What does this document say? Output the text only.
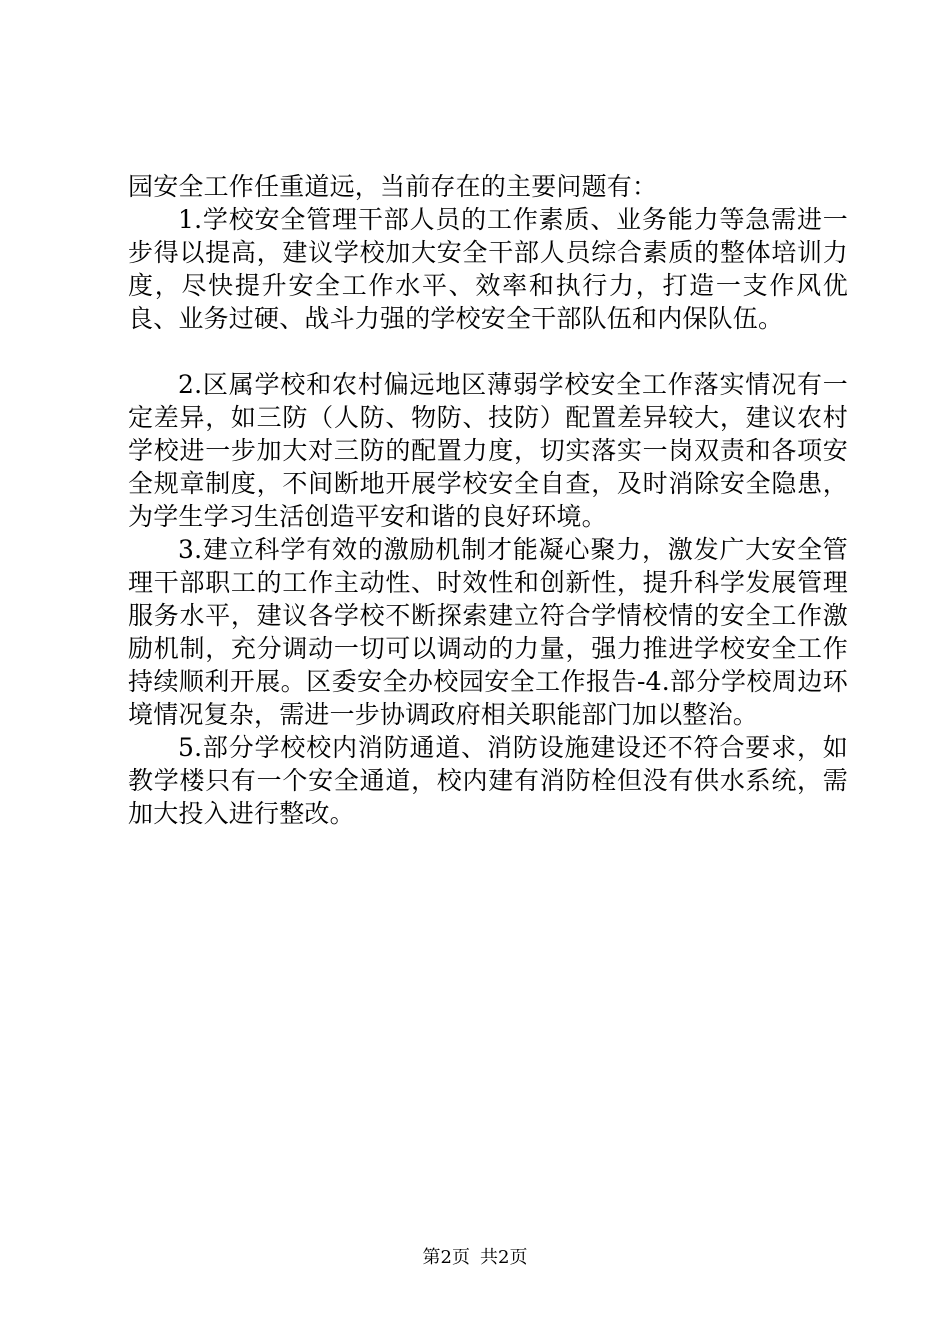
园安全工作任重道远，当前存在的主要问题有：

1.学校安全管理干部人员的工作素质、业务能力等急需进一步得以提高，建议学校加大安全干部人员综合素质的整体培训力度，尽快提升安全工作水平、效率和执行力，打造一支作风优良、业务过硬、战斗力强的学校安全干部队伍和内保队伍。

2.区属学校和农村偏远地区薄弱学校安全工作落实情况有一定差异，如三防（人防、物防、技防）配置差异较大，建议农村学校进一步加大对三防的配置力度，切实落实一岗双责和各项安全规章制度，不间断地开展学校安全自查，及时消除安全隐患，为学生学习生活创造平安和谐的良好环境。

3.建立科学有效的激励机制才能凝心聚力，激发广大安全管理干部职工的工作主动性、时效性和创新性，提升科学发展管理服务水平，建议各学校不断探索建立符合学情校情的安全工作激励机制，充分调动一切可以调动的力量，强力推进学校安全工作持续顺利开展。区委安全办校园安全工作报告-4.部分学校周边环境情况复杂，需进一步协调政府相关职能部门加以整治。

5.部分学校校内消防通道、消防设施建设还不符合要求，如教学楼只有一个安全通道，校内建有消防栓但没有供水系统，需加大投入进行整改。

第2页 共2页
